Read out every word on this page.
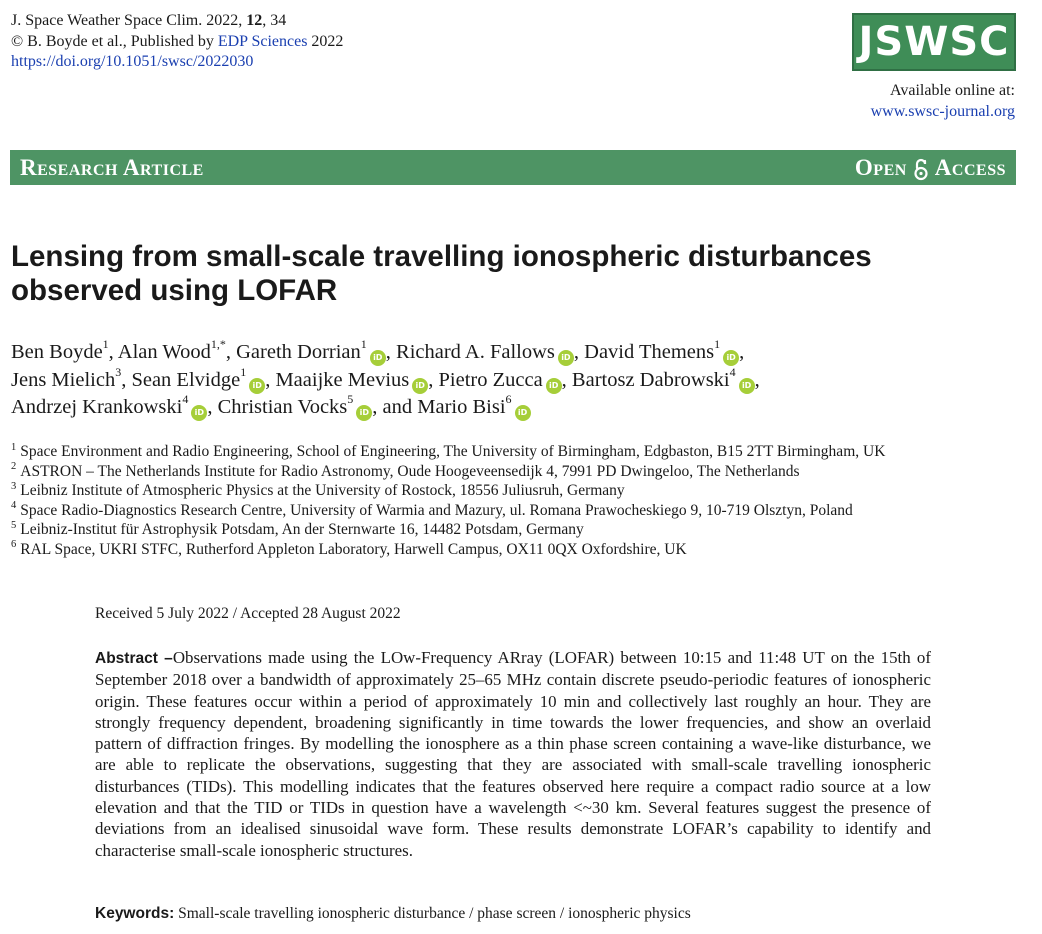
J. Space Weather Space Clim. 2022, 12, 34
© B. Boyde et al., Published by EDP Sciences 2022
https://doi.org/10.1051/swsc/2022030	JSWSC
Available online at:
www.swsc-journal.org
Research Article	Open Access
Lensing from small-scale travelling ionospheric disturbances observed using LOFAR
Ben Boyde$^1$, Alan Wood$^{1,*}$, Gareth Dorrian$^1$iD , Richard A. Fallows iD , David Themens$^1$iD ,
Jens Mielich$^3$, Sean Elvidge$^1$iD , Maaijke Mevius iD , Pietro Zucca iD , Bartosz Dabrowski$^4$iD ,
Andrzej Krankowski$^4$iD , Christian Vocks$^5$iD , and Mario Bisi$^6$iD
$^1$ Space Environment and Radio Engineering, School of Engineering, The University of Birmingham, Edgbaston, B15 2TT Birmingham, UK
$^2$ ASTRON – The Netherlands Institute for Radio Astronomy, Oude Hoogeveensedijk 4, 7991 PD Dwingeloo, The Netherlands
$^3$ Leibniz Institute of Atmospheric Physics at the University of Rostock, 18556 Juliusruh, Germany
$^4$ Space Radio-Diagnostics Research Centre, University of Warmia and Mazury, ul. Romana Prawocheskiego 9, 10-719 Olsztyn, Poland
$^5$ Leibniz-Institut für Astrophysik Potsdam, An der Sternwarte 16, 14482 Potsdam, Germany
$^6$ RAL Space, UKRI STFC, Rutherford Appleton Laboratory, Harwell Campus, OX11 0QX Oxfordshire, UK
Received 5 July 2022 / Accepted 28 August 2022

Abstract –Observations made using the LOw-Frequency ARray (LOFAR) between 10:15 and 11:48 UT on the 15th of September 2018 over a bandwidth of approximately 25–65 MHz contain discrete pseudo-periodic features of ionospheric origin. These features occur within a period of approximately 10 min and collectively last roughly an hour. They are strongly frequency dependent, broadening significantly in time towards the lower frequencies, and show an overlaid pattern of diffraction fringes. By modelling the ionosphere as a thin phase screen containing a wave-like disturbance, we are able to replicate the observations, suggesting that they are associated with small-scale travelling ionospheric disturbances (TIDs). This modelling indicates that the features observed here require a compact radio source at a low elevation and that the TID or TIDs in question have a wavelength <~30 km. Several features suggest the presence of deviations from an idealised sinusoidal wave form. These results demonstrate LOFAR’s capability to identify and characterise small-scale ionospheric structures.

Keywords: Small-scale travelling ionospheric disturbance / phase screen / ionospheric physics
